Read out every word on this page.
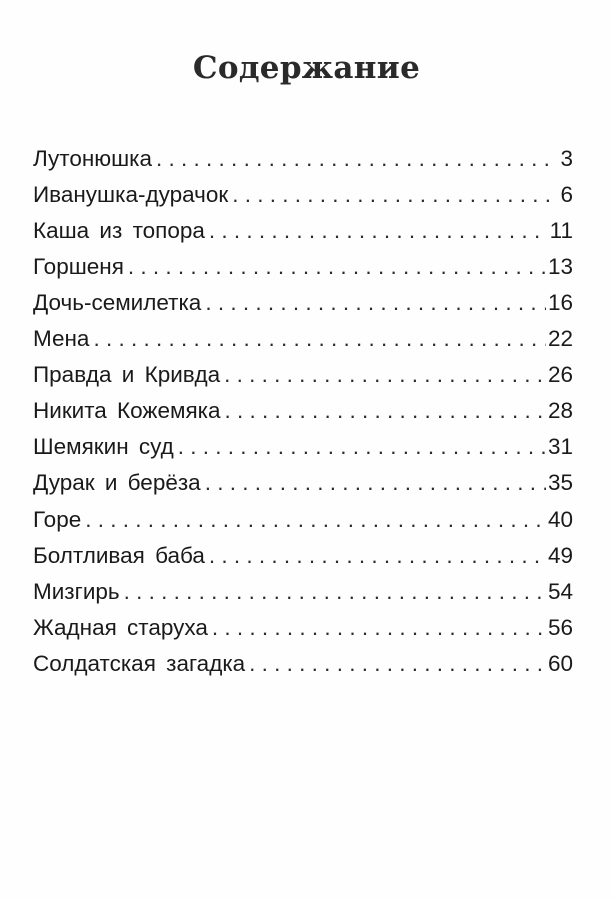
Содержание
Лутонюшка . . .	3
Иванушка-дурачок . . .	6
Каша из топора . . .	11
Горшеня . . .	13
Дочь-семилетка . . .	16
Мена . . .	22
Правда и Кривда . . .	26
Никита Кожемяка . . .	28
Шемякин суд . . .	31
Дурак и берёза . . .	35
Горе . . .	40
Болтливая баба . . .	49
Мизгирь . . .	54
Жадная старуха . . .	56
Солдатская загадка . . .	60
